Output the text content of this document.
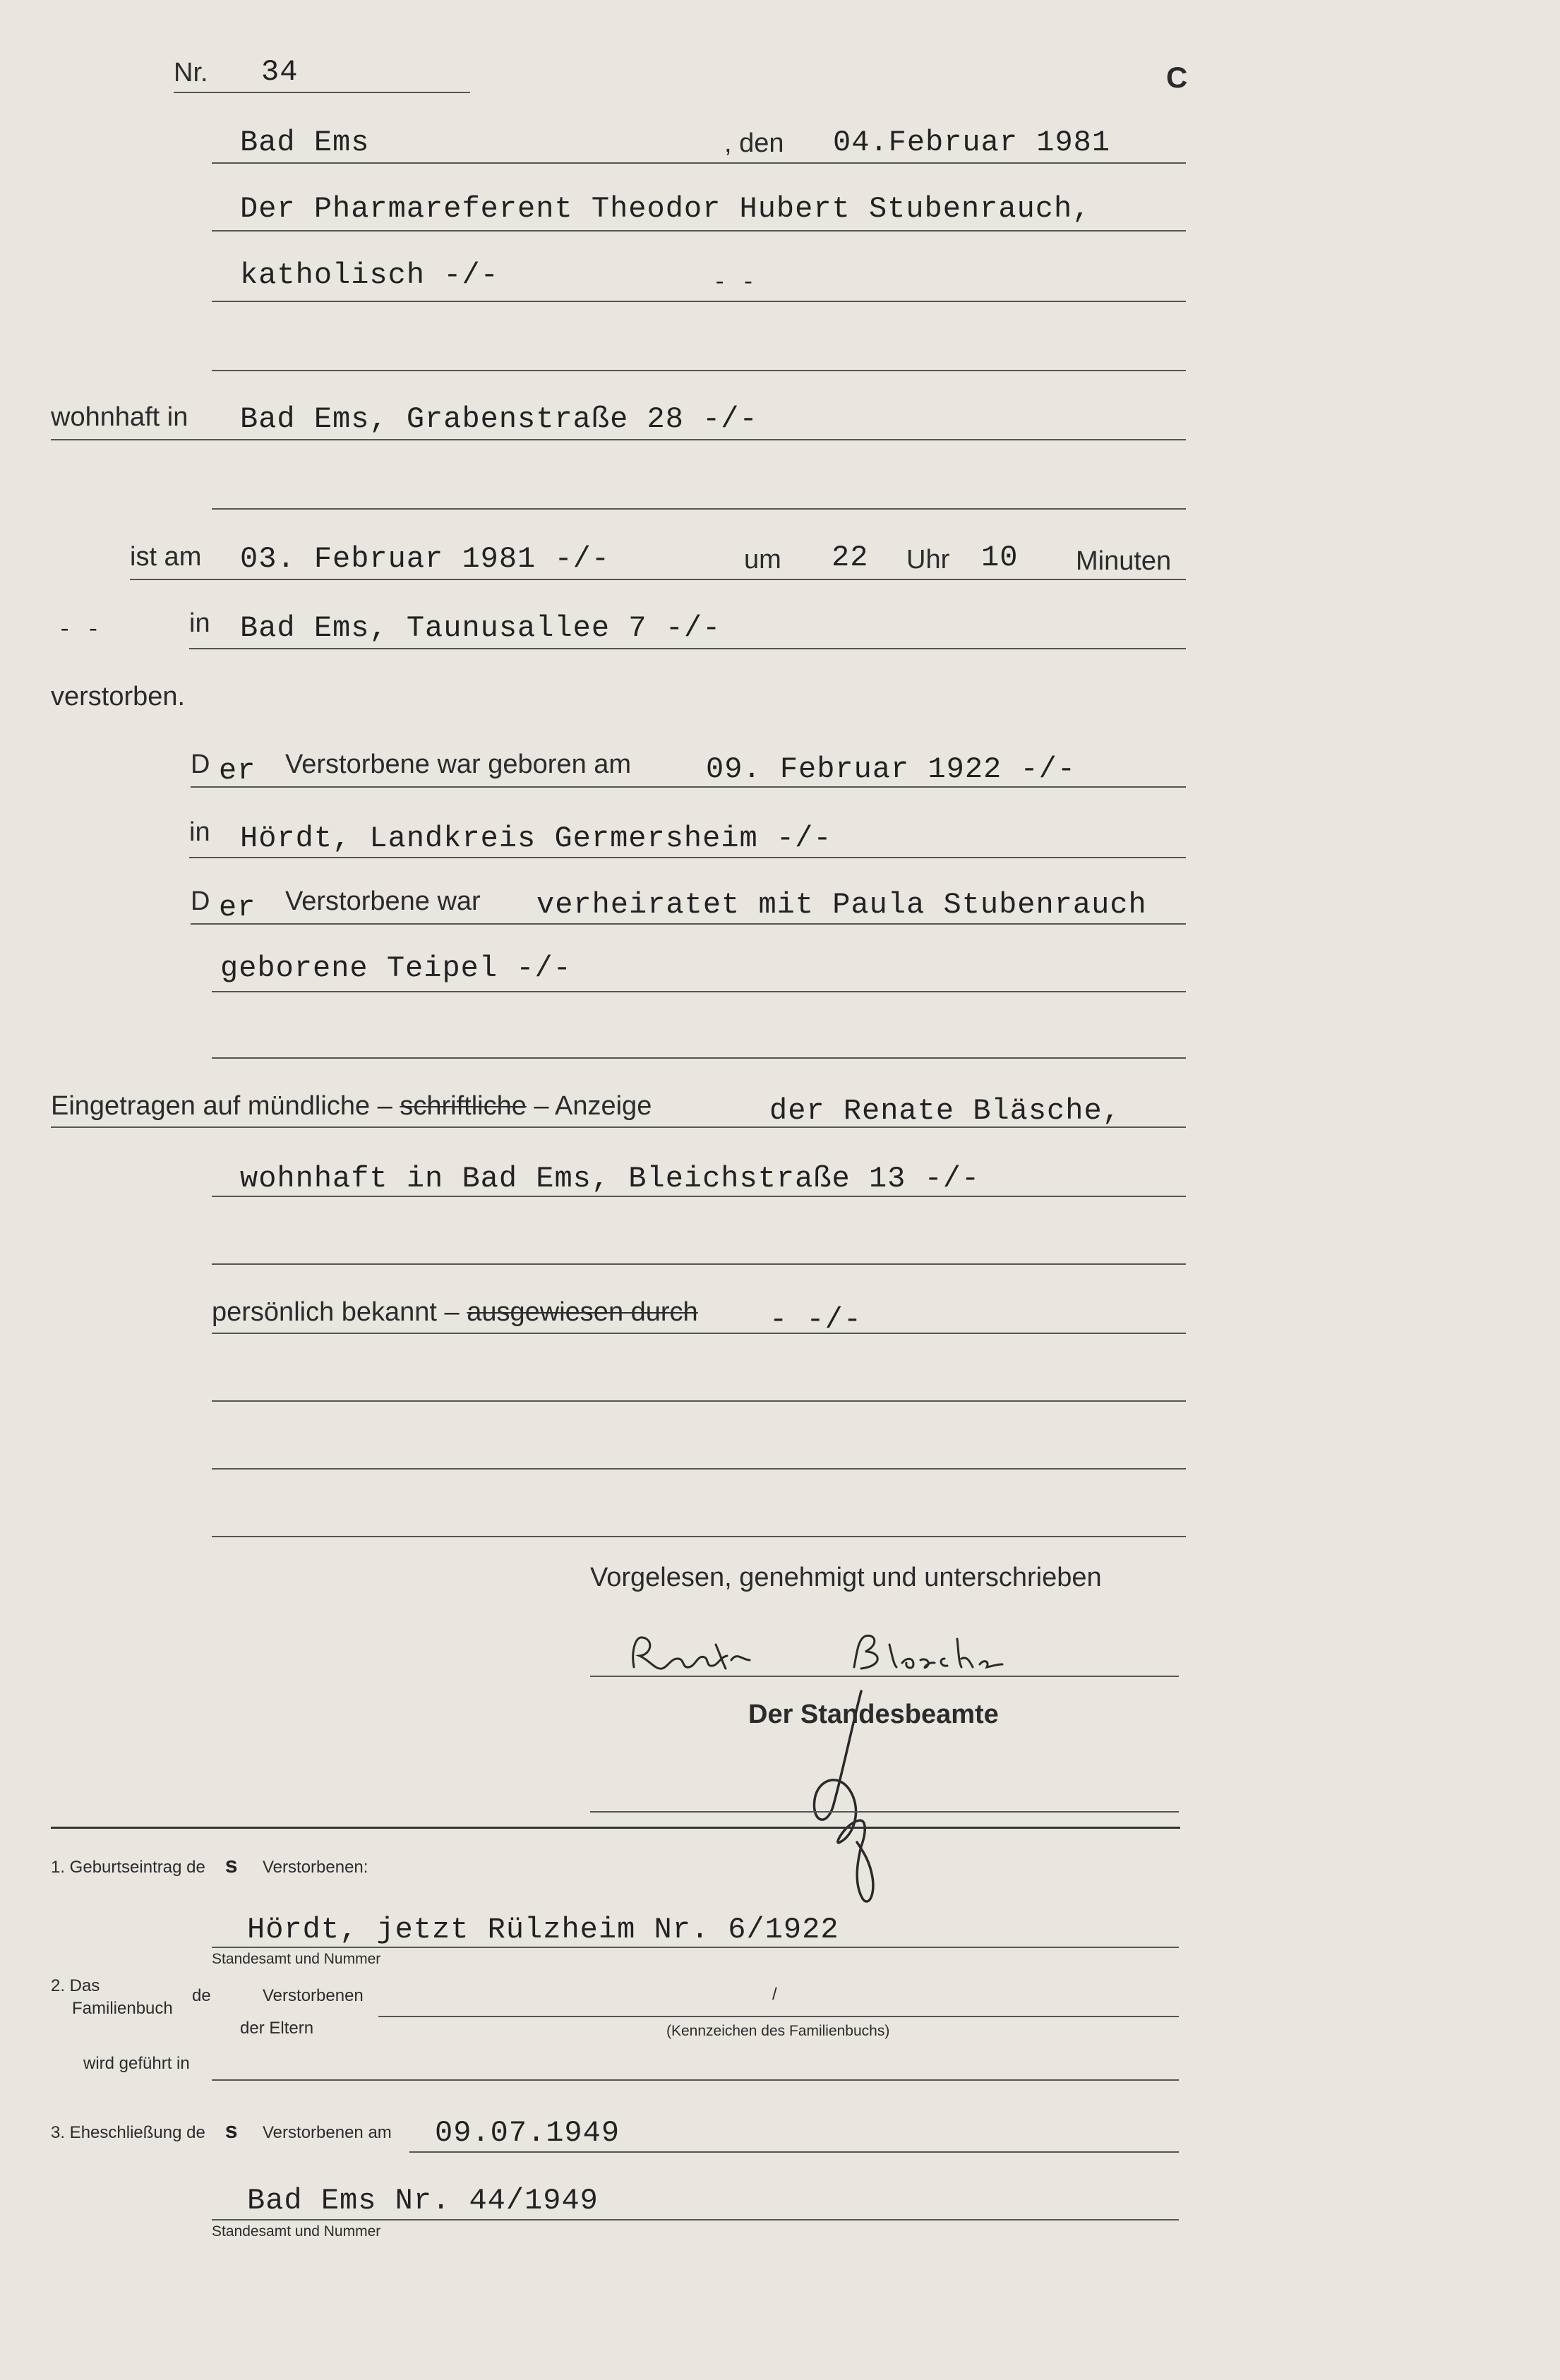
Nr. 34	C
Bad Ems	, den 04.Februar 1981
Der Pharmareferent Theodor Hubert Stubenrauch,
katholisch -/-	- -
wohnhaft in Bad Ems, Grabenstraße 28 -/-
ist am 03. Februar 1981 -/-	um 22 Uhr 10 Minuten
- -	in Bad Ems, Taunusallee 7 -/-
verstorben.
D er Verstorbene war geboren am	09. Februar 1922 -/-
in Hördt, Landkreis Germersheim -/-
D er Verstorbene war verheiratet mit Paula Stubenrauch
geborene Teipel -/-
Eingetragen auf mündliche – schriftliche – Anzeige	der Renate Bläsche,
wohnhaft in Bad Ems, Bleichstraße 13 -/-
persönlich bekannt – ausgewiesen durch - -/-
Vorgelesen, genehmigt und unterschrieben
Der Standesbeamte
1. Geburtseintrag de s Verstorbenen:
Hördt, jetzt Rülzheim Nr. 6/1922
Standesamt und Nummer
2. Das
Familienbuch
de	Verstorbenen	/
der Eltern	(Kennzeichen des Familienbuchs)
wird geführt in
3. Eheschließung de s Verstorbenen am 09.07.1949
Bad Ems Nr. 44/1949
Standesamt und Nummer
